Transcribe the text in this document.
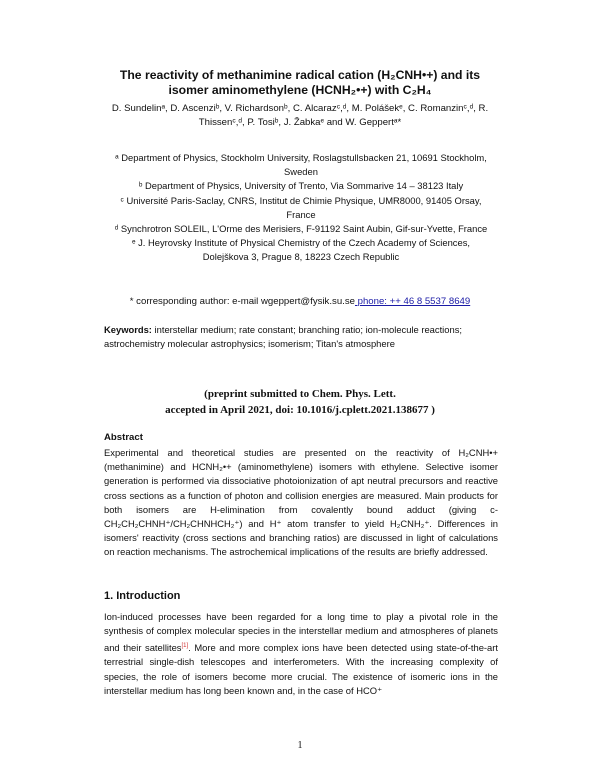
The reactivity of methanimine radical cation (H₂CNH•+) and its isomer aminomethylene (HCNH₂•+) with C₂H₄
D. Sundelinᵃ, D. Ascenziᵇ, V. Richardsonᵇ, C. Alcarazᶜ,ᵈ, M. Polášekᵉ, C. Romanzinᶜ,ᵈ, R. Thissenᶜ,ᵈ, P. Tosiᵇ, J. Žabkaᵉ and W. Geppertᵃ*

ᵃ Department of Physics, Stockholm University, Roslagstullsbacken 21, 10691 Stockholm, Sweden

ᵇ Department of Physics, University of Trento, Via Sommarive 14 – 38123 Italy

ᶜ Université Paris-Saclay, CNRS, Institut de Chimie Physique, UMR8000, 91405 Orsay, France

ᵈ Synchrotron SOLEIL, L'Orme des Merisiers, F-91192 Saint Aubin, Gif-sur-Yvette, France

ᵉ J. Heyrovsky Institute of Physical Chemistry of the Czech Academy of Sciences, Dolejškova 3, Prague 8, 18223 Czech Republic

* corresponding author: e-mail wgeppert@fysik.su.se phone: ++ 46 8 5537 8649
Keywords: interstellar medium; rate constant; branching ratio; ion-molecule reactions; astrochemistry molecular astrophysics; isomerism; Titan's atmosphere
(preprint submitted to Chem. Phys. Lett.
accepted in April 2021, doi: 10.1016/j.cplett.2021.138677 )
Abstract
Experimental and theoretical studies are presented on the reactivity of H₂CNH•+ (methanimine) and HCNH₂•+ (aminomethylene) isomers with ethylene. Selective isomer generation is performed via dissociative photoionization of apt neutral precursors and reactive cross sections as a function of photon and collision energies are measured. Main products for both isomers are H-elimination from covalently bound adduct (giving c-CH₂CH₂CHNH⁺/CH₂CHNHCH₂⁺) and H⁺ atom transfer to yield H₂CNH₂⁺. Differences in isomers' reactivity (cross sections and branching ratios) are discussed in light of calculations on reaction mechanisms. The astrochemical implications of the results are briefly addressed.
1. Introduction
Ion-induced processes have been regarded for a long time to play a pivotal role in the synthesis of complex molecular species in the interstellar medium and atmospheres of planets and their satellites[1]. More and more complex ions have been detected using state-of-the-art terrestrial single-dish telescopes and interferometers. With the increasing complexity of species, the role of isomers become more crucial. The existence of isomeric ions in the interstellar medium has long been known and, in the case of HCO⁺
1
